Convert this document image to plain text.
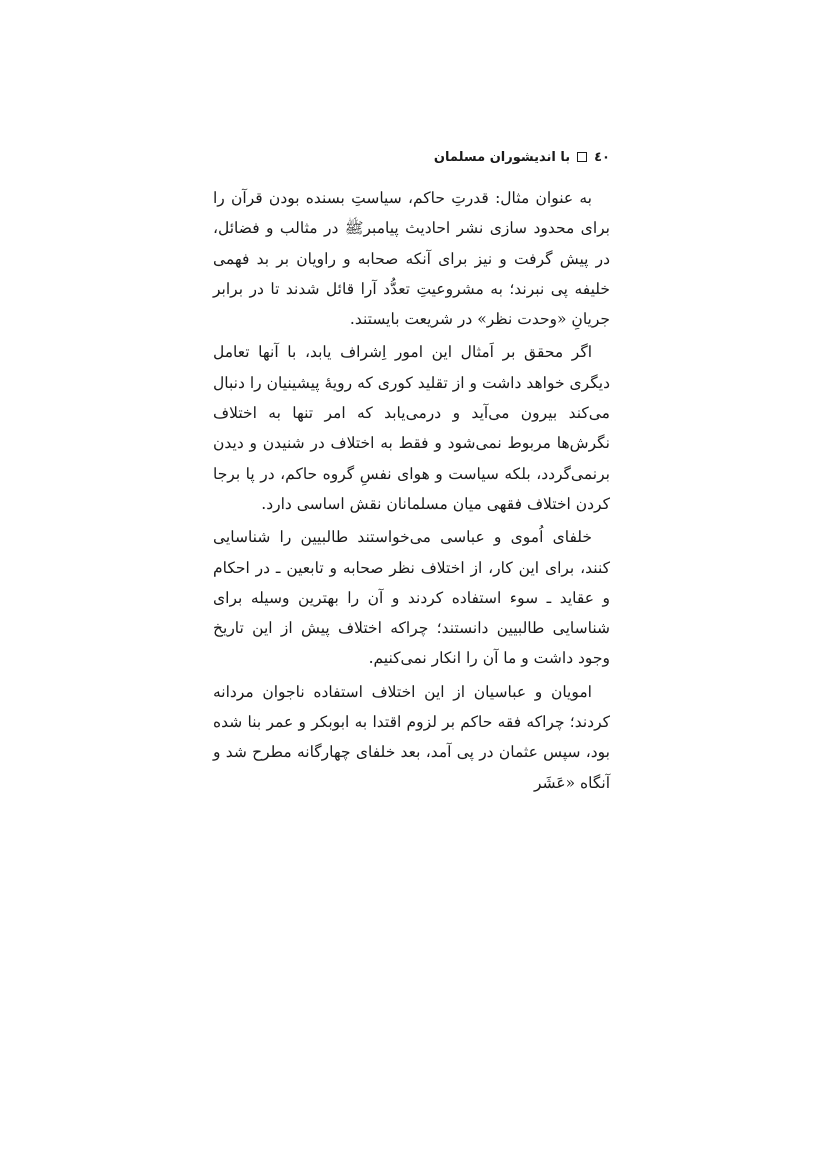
٤٠
با اندیشوران مسلمان

به عنوان مثال: قدرتِ حاکم، سیاستِ بسنده بودن قرآن را برای محدود سازی نشر احادیث پیامبرﷺ در مثالب و فضائل، در پیش گرفت و نیز برای آنکه صحابه و راویان بر بد فهمی خلیفه پی نبرند؛ به مشروعیتِ تعدُّد آرا قائل شدند تا در برابر جریانِ «وحدت نظر» در شریعت بایستند.

اگر محقق بر اَمثال این امور اِشراف یابد، با آنها تعامل دیگری خواهد داشت و از تقلید کوری که رویهٔ پیشینیان را دنبال می‌کند بیرون می‌آید و درمی‌یابد که امر تنها به اختلاف نگرش‌ها مربوط نمی‌شود و فقط به اختلاف در شنیدن و دیدن برنمی‌گردد، بلکه سیاست و هوای نفسِ گروه حاکم، در پا برجا کردن اختلاف فقهی میان مسلمانان نقش اساسی دارد.

خلفای اُموی و عباسی می‌خواستند طالبیین را شناسایی کنند، برای این کار، از اختلاف نظر صحابه و تابعین ـ در احکام و عقاید ـ سوء استفاده کردند و آن را بهترین وسیله برای شناسایی طالبیین دانستند؛ چراکه اختلاف پیش از این تاریخ وجود داشت و ما آن را انکار نمی‌کنیم.

امویان و عباسیان از این اختلاف استفاده ناجوان مردانه کردند؛ چراکه فقه حاکم بر لزوم اقتدا به ابوبکر و عمر بنا شده بود، سپس عثمان در پی آمد، بعد خلفای چهارگانه مطرح شد و آنگاه «عَشَر
